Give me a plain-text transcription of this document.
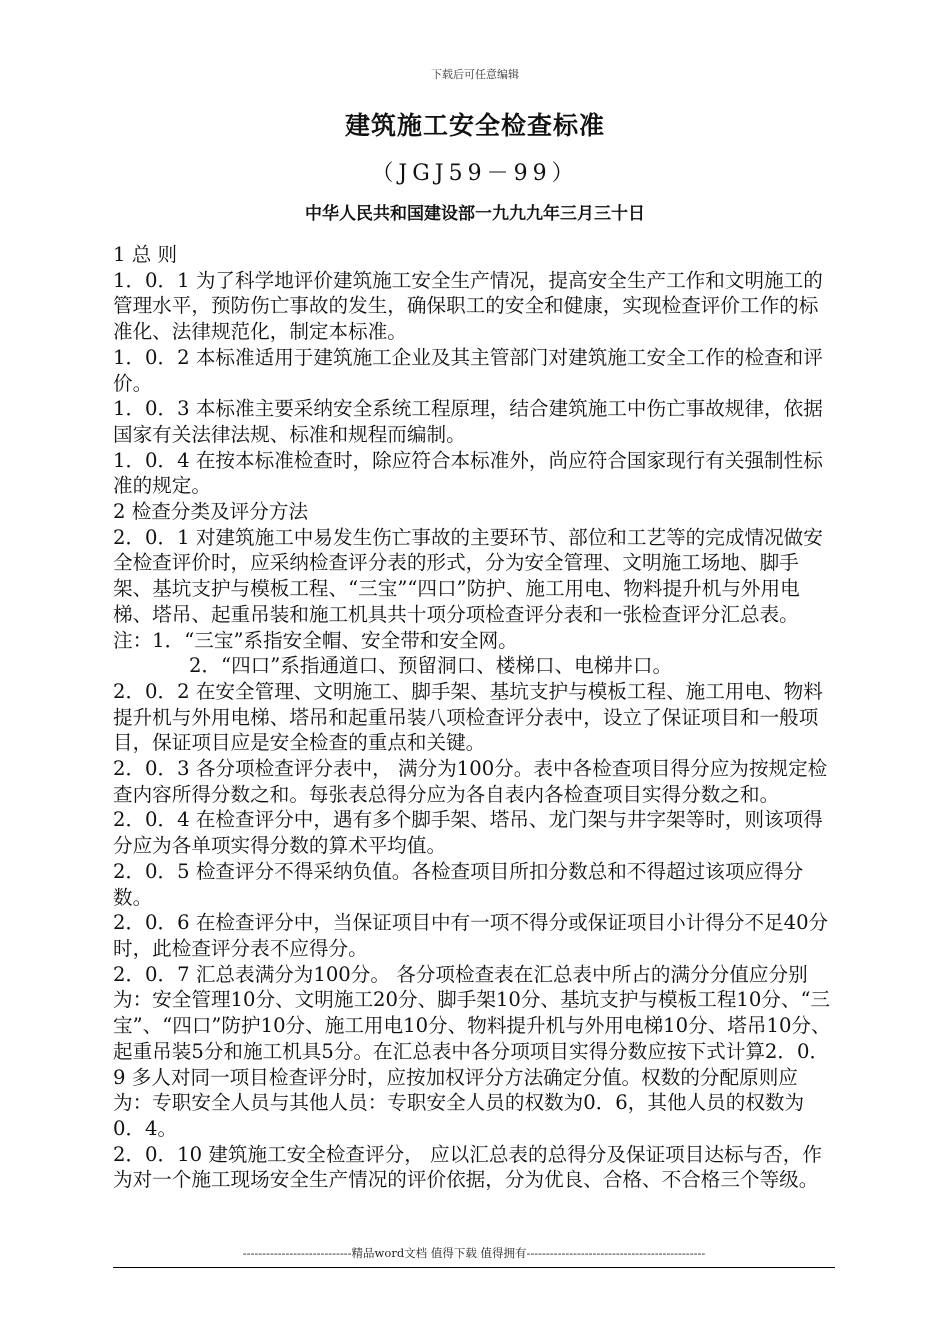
下载后可任意编辑
建筑施工安全检查标准
（JGJ59－99）
中华人民共和国建设部一九九九年三月三十日

1 总 则

1．0．1 为了科学地评价建筑施工安全生产情况，提高安全生产工作和文明施工的管理水平，预防伤亡事故的发生，确保职工的安全和健康，实现检查评价工作的标准化、法律规范化，制定本标准。

1．0．2 本标准适用于建筑施工企业及其主管部门对建筑施工安全工作的检查和评价。

1．0．3 本标准主要采纳安全系统工程原理，结合建筑施工中伤亡事故规律，依据国家有关法律法规、标准和规程而编制。

1．0．4 在按本标准检查时，除应符合本标准外，尚应符合国家现行有关强制性标准的规定。

2 检查分类及评分方法

2．0．1 对建筑施工中易发生伤亡事故的主要环节、部位和工艺等的完成情况做安全检查评价时，应采纳检查评分表的形式，分为安全管理、文明施工场地、脚手架、基坑支护与模板工程、“三宝”“四口”防护、施工用电、物料提升机与外用电梯、塔吊、起重吊装和施工机具共十项分项检查评分表和一张检查评分汇总表。

注：1．“三宝”系指安全帽、安全带和安全网。

2．“四口”系指通道口、预留洞口、楼梯口、电梯井口。

2．0．2 在安全管理、文明施工、脚手架、基坑支护与模板工程、施工用电、物料提升机与外用电梯、塔吊和起重吊装八项检查评分表中，设立了保证项目和一般项目，保证项目应是安全检查的重点和关键。

2．0．3 各分项检查评分表中， 满分为100分。表中各检查项目得分应为按规定检查内容所得分数之和。每张表总得分应为各自表内各检查项目实得分数之和。

2．0．4 在检查评分中，遇有多个脚手架、塔吊、龙门架与井字架等时，则该项得分应为各单项实得分数的算术平均值。

2．0．5 检查评分不得采纳负值。各检查项目所扣分数总和不得超过该项应得分数。

2．0．6 在检查评分中，当保证项目中有一项不得分或保证项目小计得分不足40分时，此检查评分表不应得分。

2．0．7 汇总表满分为100分。 各分项检查表在汇总表中所占的满分分值应分别为：安全管理10分、文明施工20分、脚手架10分、基坑支护与模板工程10分、“三宝”、“四口”防护10分、施工用电10分、物料提升机与外用电梯10分、塔吊10分、起重吊装5分和施工机具5分。在汇总表中各分项项目实得分数应按下式计算2．0．9 多人对同一项目检查评分时，应按加权评分方法确定分值。权数的分配原则应为：专职安全人员与其他人员：专职安全人员的权数为0．6，其他人员的权数为0．4。

2．0．10 建筑施工安全检查评分， 应以汇总表的总得分及保证项目达标与否，作为对一个施工现场安全生产情况的评价依据，分为优良、合格、不合格三个等级。

----------------------------精品word文档 值得下载 值得拥有----------------------------------------------
